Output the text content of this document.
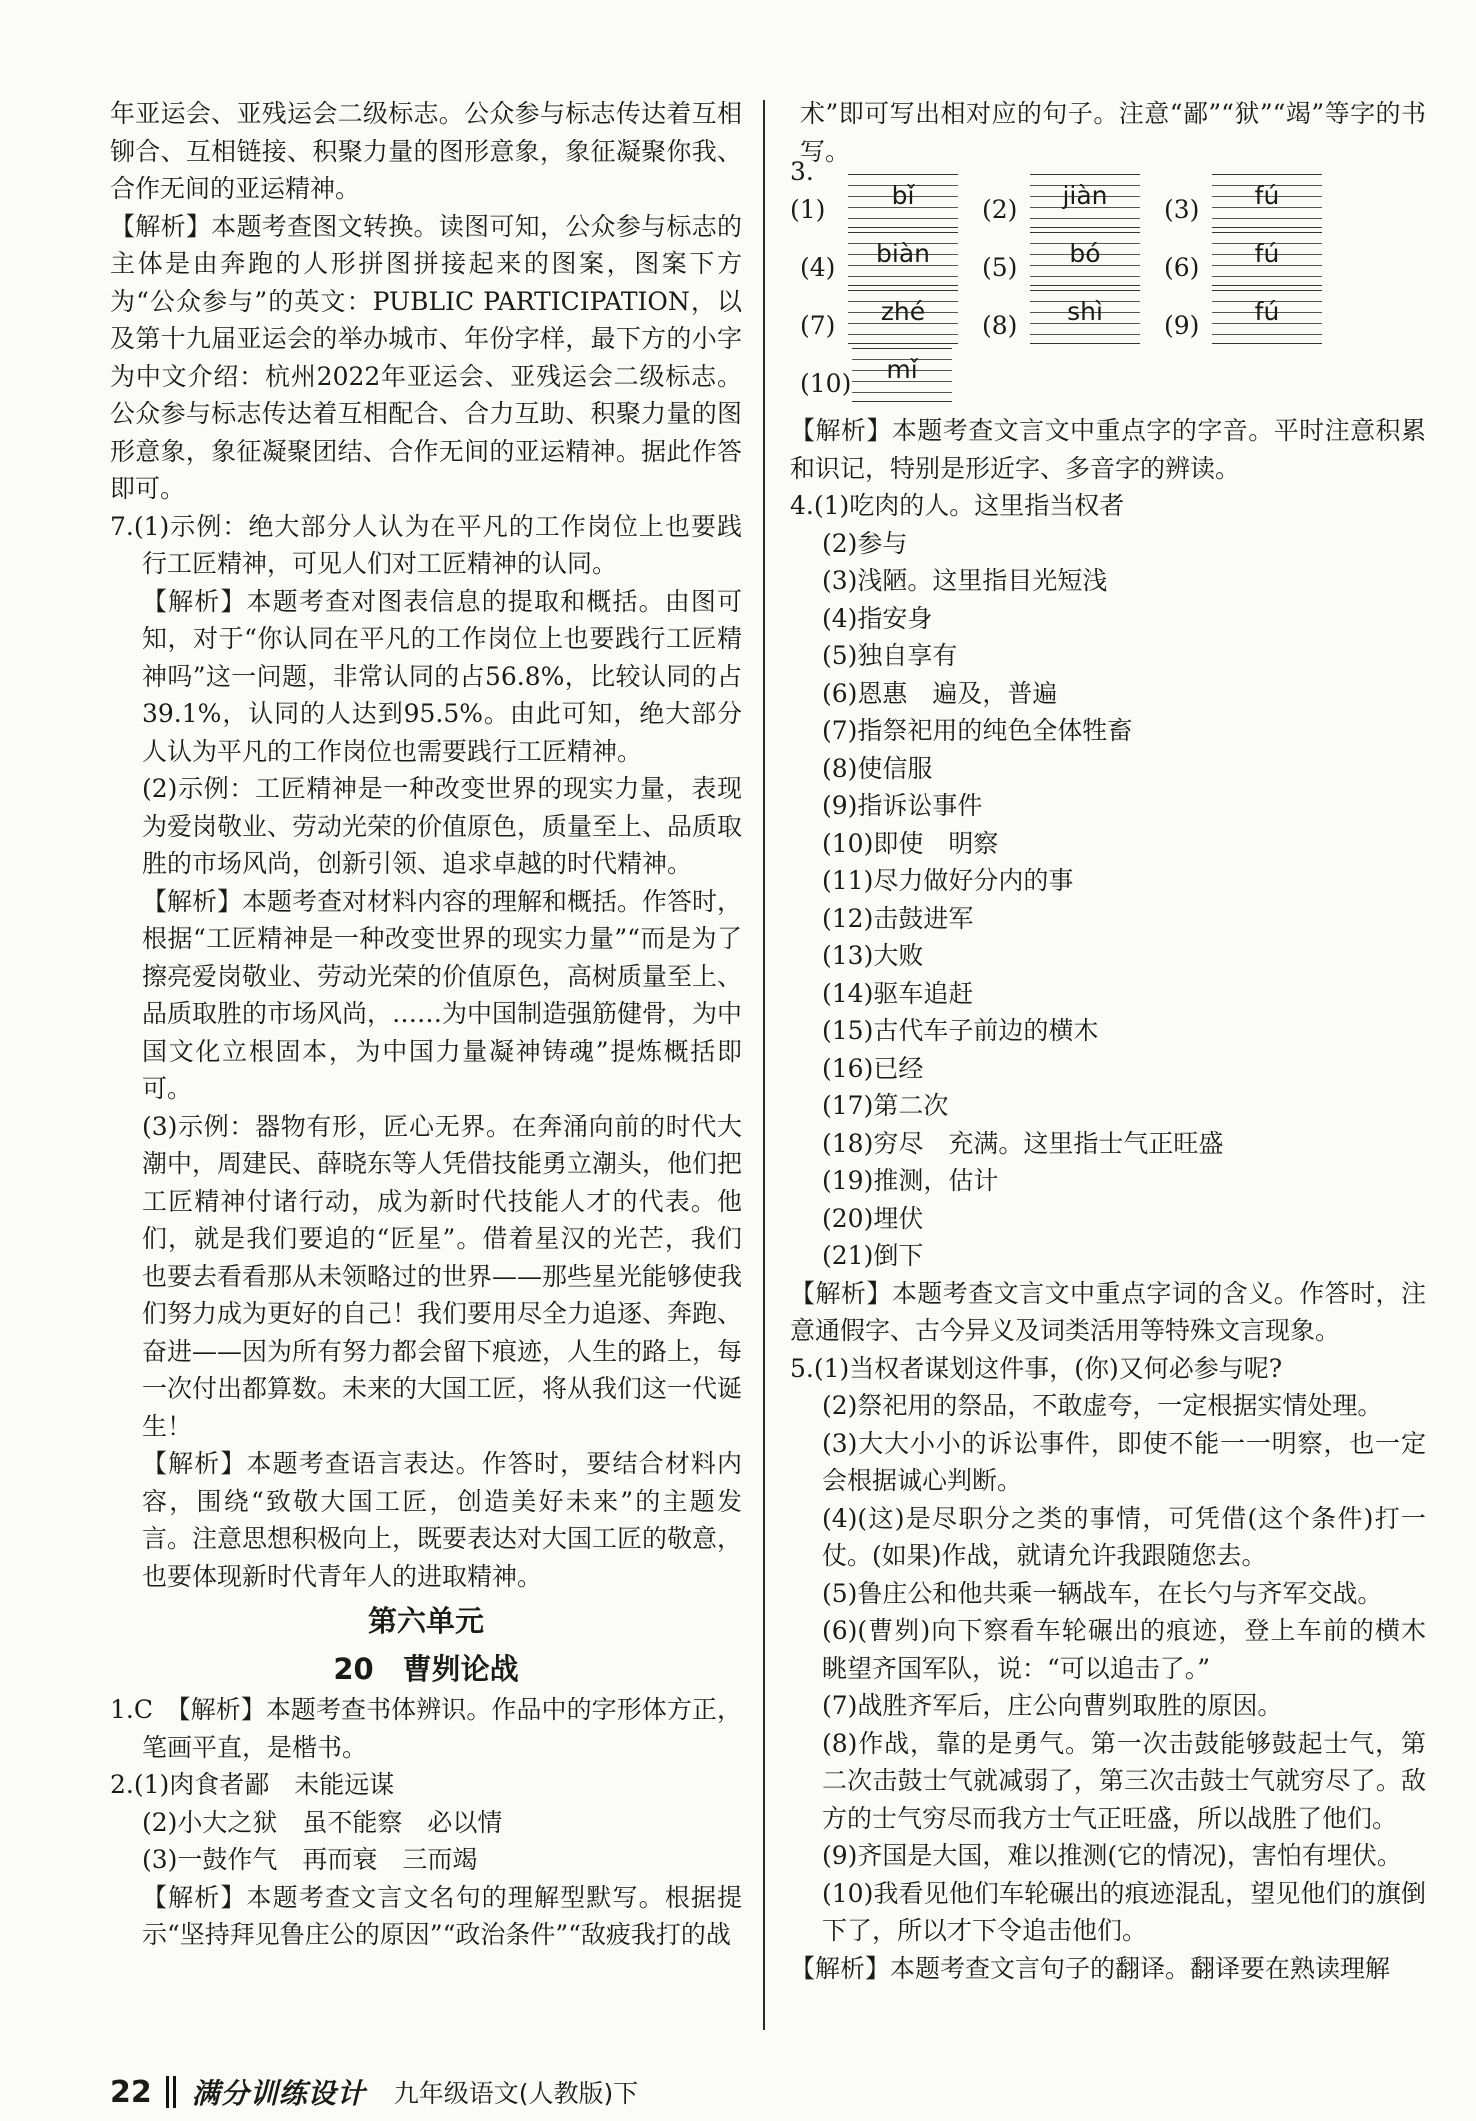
年亚运会、亚残运会二级标志。公众参与标志传达着互相铆合、互相链接、积聚力量的图形意象，象征凝聚你我、合作无间的亚运精神。

【解析】本题考查图文转换。读图可知，公众参与标志的主体是由奔跑的人形拼图拼接起来的图案，图案下方为“公众参与”的英文：PUBLIC PARTICIPATION，以及第十九届亚运会的举办城市、年份字样，最下方的小字为中文介绍：杭州2022年亚运会、亚残运会二级标志。公众参与标志传达着互相配合、合力互助、积聚力量的图形意象，象征凝聚团结、合作无间的亚运精神。据此作答即可。

7.(1)示例：绝大部分人认为在平凡的工作岗位上也要践行工匠精神，可见人们对工匠精神的认同。

【解析】本题考查对图表信息的提取和概括。由图可知，对于“你认同在平凡的工作岗位上也要践行工匠精神吗”这一问题，非常认同的占56.8%，比较认同的占39.1%，认同的人达到95.5%。由此可知，绝大部分人认为平凡的工作岗位也需要践行工匠精神。

(2)示例：工匠精神是一种改变世界的现实力量，表现为爱岗敬业、劳动光荣的价值原色，质量至上、品质取胜的市场风尚，创新引领、追求卓越的时代精神。

【解析】本题考查对材料内容的理解和概括。作答时，根据“工匠精神是一种改变世界的现实力量”“而是为了擦亮爱岗敬业、劳动光荣的价值原色，高树质量至上、品质取胜的市场风尚，……为中国制造强筋健骨，为中国文化立根固本，为中国力量凝神铸魂”提炼概括即可。

(3)示例：器物有形，匠心无界。在奔涌向前的时代大潮中，周建民、薛晓东等人凭借技能勇立潮头，他们把工匠精神付诸行动，成为新时代技能人才的代表。他们，就是我们要追的“匠星”。借着星汉的光芒，我们也要去看看那从未领略过的世界——那些星光能够使我们努力成为更好的自己！我们要用尽全力追逐、奔跑、奋进——因为所有努力都会留下痕迹，人生的路上，每一次付出都算数。未来的大国工匠，将从我们这一代诞生！

【解析】本题考查语言表达。作答时，要结合材料内容，围绕“致敬大国工匠，创造美好未来”的主题发言。注意思想积极向上，既要表达对大国工匠的敬意，也要体现新时代青年人的进取精神。

第六单元

20　曹刿论战

1.C　【解析】本题考查书体辨识。作品中的字形体方正，笔画平直，是楷书。

2.(1)肉食者鄙　未能远谋

(2)小大之狱　虽不能察　必以情

(3)一鼓作气　再而衰　三而竭

【解析】本题考查文言文名句的理解型默写。根据提示“坚持拜见鲁庄公的原因”“政治条件”“敌疲我打的战

术”即可写出相对应的句子。注意“鄙”“狱”“竭”等字的书写。

3.(1)	bǐ	(2)	jiàn	(3)	fú
(4)	biàn	(5)	bó	(6)	fú
(7)	zhé	(8)	shì	(9)	fú
(10)	mǐ

【解析】本题考查文言文中重点字的字音。平时注意积累和识记，特别是形近字、多音字的辨读。

4.(1)吃肉的人。这里指当权者

(2)参与

(3)浅陋。这里指目光短浅

(4)指安身

(5)独自享有

(6)恩惠　遍及，普遍

(7)指祭祀用的纯色全体牲畜

(8)使信服

(9)指诉讼事件

(10)即使　明察

(11)尽力做好分内的事

(12)击鼓进军

(13)大败

(14)驱车追赶

(15)古代车子前边的横木

(16)已经

(17)第二次

(18)穷尽　充满。这里指士气正旺盛

(19)推测，估计

(20)埋伏

(21)倒下

【解析】本题考查文言文中重点字词的含义。作答时，注意通假字、古今异义及词类活用等特殊文言现象。

5.(1)当权者谋划这件事，(你)又何必参与呢?

(2)祭祀用的祭品，不敢虚夸，一定根据实情处理。

(3)大大小小的诉讼事件，即使不能一一明察，也一定会根据诚心判断。

(4)(这)是尽职分之类的事情，可凭借(这个条件)打一仗。(如果)作战，就请允许我跟随您去。

(5)鲁庄公和他共乘一辆战车，在长勺与齐军交战。

(6)(曹刿)向下察看车轮碾出的痕迹，登上车前的横木眺望齐国军队，说：“可以追击了。”

(7)战胜齐军后，庄公向曹刿取胜的原因。

(8)作战，靠的是勇气。第一次击鼓能够鼓起士气，第二次击鼓士气就减弱了，第三次击鼓士气就穷尽了。敌方的士气穷尽而我方士气正旺盛，所以战胜了他们。

(9)齐国是大国，难以推测(它的情况)，害怕有埋伏。

(10)我看见他们车轮碾出的痕迹混乱，望见他们的旗倒下了，所以才下令追击他们。

【解析】本题考查文言句子的翻译。翻译要在熟读理解

22 满分训练设计 九年级语文(人教版)下
